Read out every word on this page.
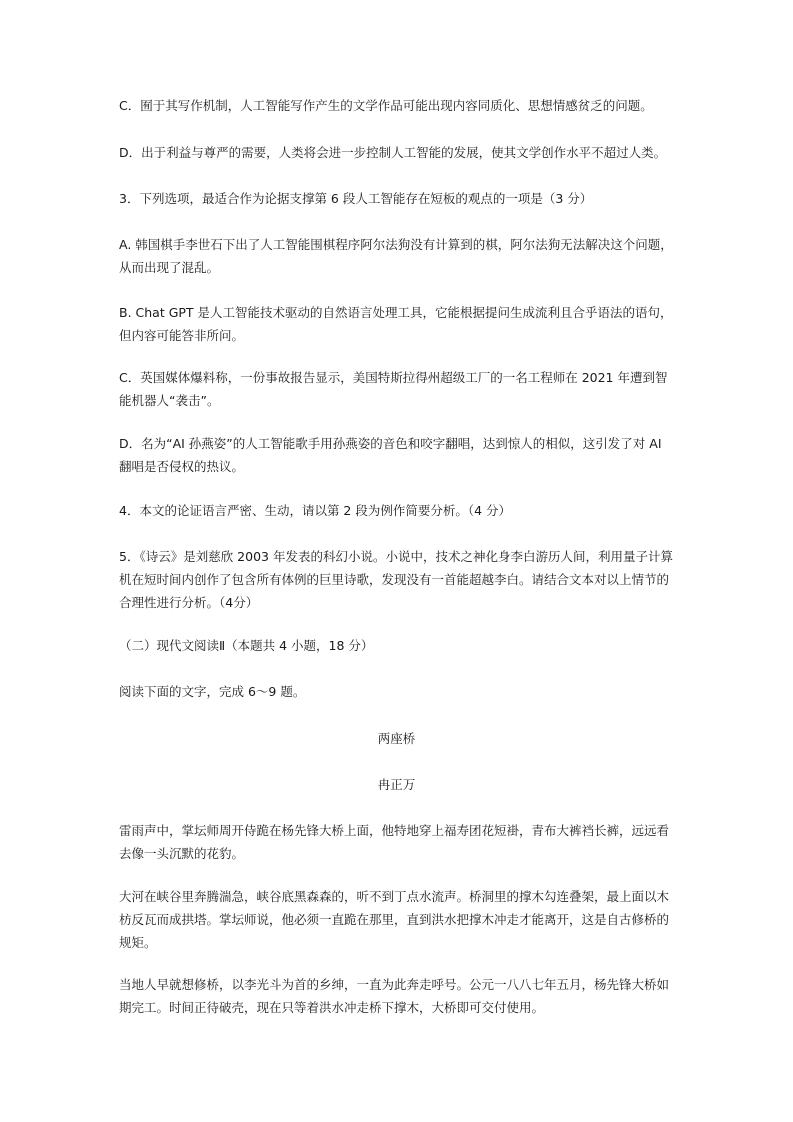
C．囿于其写作机制，人工智能写作产生的文学作品可能出现内容同质化、思想情感贫乏的问题。

D．出于利益与尊严的需要，人类将会进一步控制人工智能的发展，使其文学创作水平不超过人类。

3．下列选项，最适合作为论据支撑第 6 段人工智能存在短板的观点的一项是（3 分）

A. 韩国棋手李世石下出了人工智能围棋程序阿尔法狗没有计算到的棋，阿尔法狗无法解决这个问题，从而出现了混乱。

B. Chat GPT 是人工智能技术驱动的自然语言处理工具，它能根据提问生成流利且合乎语法的语句，但内容可能答非所问。

C．英国媒体爆料称，一份事故报告显示，美国特斯拉得州超级工厂的一名工程师在 2021 年遭到智能机器人“袭击”。

D．名为“AI 孙燕姿”的人工智能歌手用孙燕姿的音色和咬字翻唱，达到惊人的相似，这引发了对 AI 翻唱是否侵权的热议。

4．本文的论证语言严密、生动，请以第 2 段为例作简要分析。（4 分）

5．《诗云》是刘慈欣 2003 年发表的科幻小说。小说中，技术之神化身李白游历人间，利用量子计算机在短时间内创作了包含所有体例的巨里诗歌，发现没有一首能超越李白。请结合文本对以上情节的合理性进行分析。（4分）

（二）现代文阅读Ⅱ（本题共 4 小题，18 分）

阅读下面的文字，完成 6～9 题。

两座桥

冉正万

雷雨声中，掌坛师周开侍跪在杨先锋大桥上面，他特地穿上福寿团花短褂，青布大裤裆长裤，远远看去像一头沉默的花豹。

大河在峡谷里奔腾湍急，峡谷底黑森森的，听不到丁点水流声。桥洞里的撑木勾连叠架，最上面以木枋反瓦而成拱塔。掌坛师说，他必须一直跪在那里，直到洪水把撑木冲走才能离开，这是自古修桥的规矩。

当地人早就想修桥，以李光斗为首的乡绅，一直为此奔走呼号。公元一八八七年五月，杨先锋大桥如期完工。时间正待破壳，现在只等着洪水冲走桥下撑木，大桥即可交付使用。
